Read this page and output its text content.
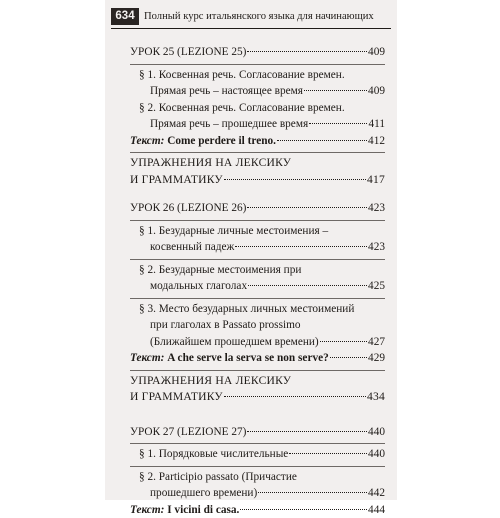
634 Полный курс итальянского языка для начинающих
УРОК 25 (LEZIONE 25)	409
§ 1. Косвенная речь. Согласование времен.
Прямая речь – настоящее время	409
§ 2. Косвенная речь. Согласование времен.
Прямая речь – прошедшее время	411
Текст:
Come perdere il treno.	412
УПРАЖНЕНИЯ НА ЛЕКСИКУ
И ГРАММАТИКУ	417
УРОК 26 (LEZIONE 26)	423
§ 1. Безударные личные местоимения –
косвенный падеж	423
§ 2. Безударные местоимения при
модальных глаголах	425
§ 3. Место безударных личных местоимений
при глаголах в Passato prossimo
(Ближайшем прошедшем времени)	427
Текст:
A che serve la serva se non serve?	429
УПРАЖНЕНИЯ НА ЛЕКСИКУ
И ГРАММАТИКУ	434
УРОК 27 (LEZIONE 27)	440
§ 1. Порядковые числительные	440
§ 2. Participio passato (Причастие
прошедшего времени)	442
Текст:
I vicini di casa.	444
